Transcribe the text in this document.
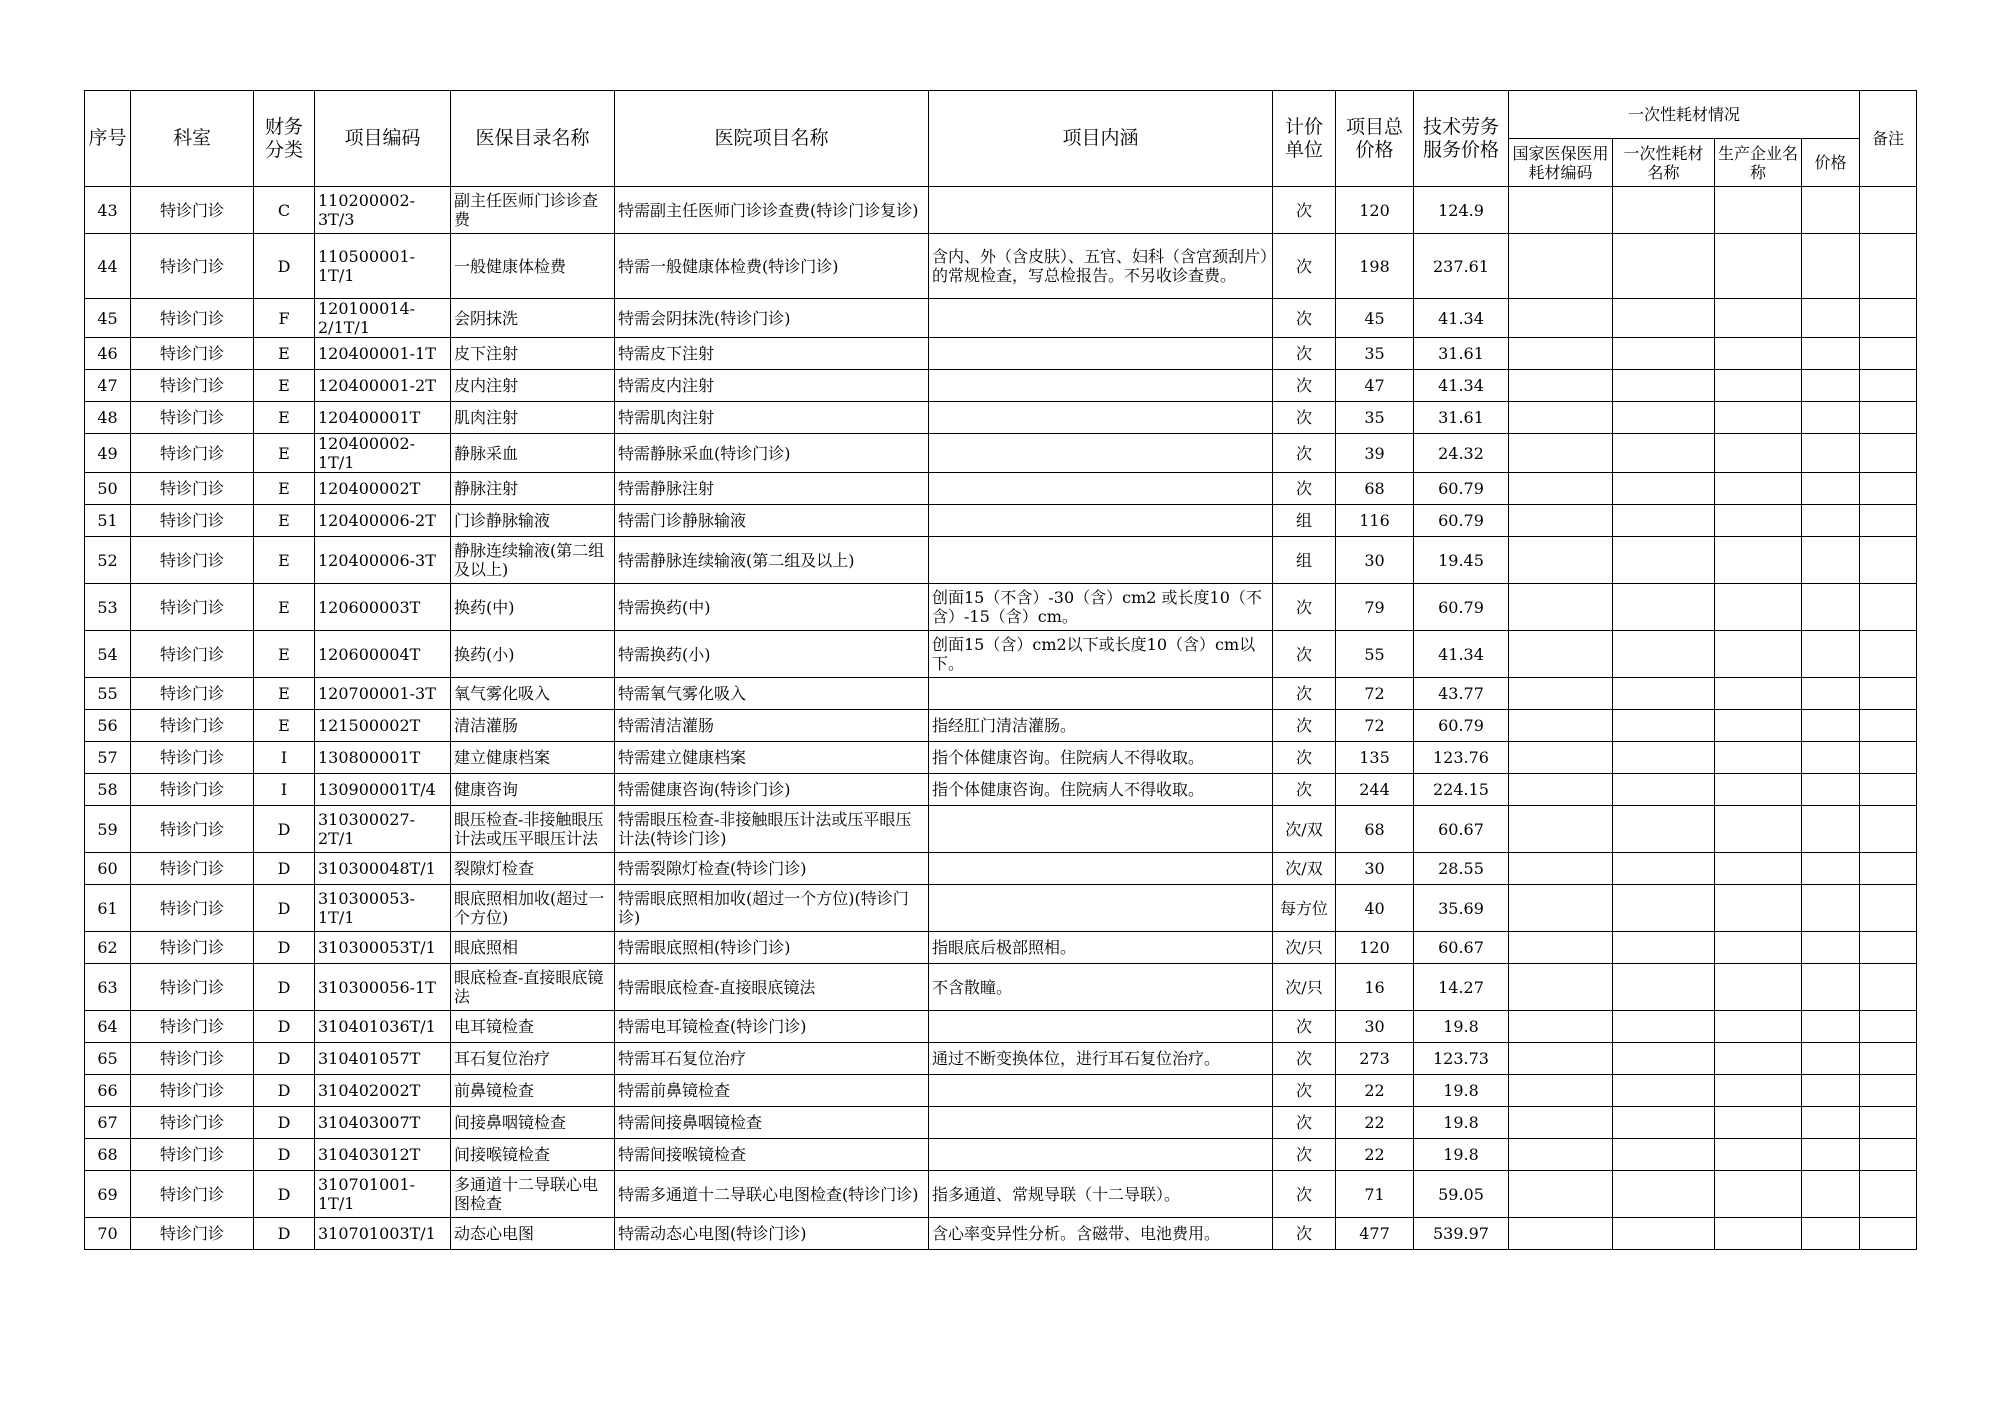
序号	科室	财务分类	项目编码	医保目录名称	医院项目名称	项目内涵	计价单位	项目总价格	技术劳务服务价格	一次性耗材情况				备注
										国家医保医用耗材编码	一次性耗材名称	生产企业名称	价格	
43	特诊门诊	C	110200002-3T/3	副主任医师门诊诊查费	特需副主任医师门诊诊查费(特诊门诊复诊)		次	120	124.9					
44	特诊门诊	D	110500001-1T/1	一般健康体检费	特需一般健康体检费(特诊门诊)	含内、外（含皮肤）、五官、妇科（含宫颈刮片）的常规检查，写总检报告。不另收诊查费。	次	198	237.61					
45	特诊门诊	F	120100014-2/1T/1	会阴抹洗	特需会阴抹洗(特诊门诊)		次	45	41.34					
46	特诊门诊	E	120400001-1T	皮下注射	特需皮下注射		次	35	31.61					
47	特诊门诊	E	120400001-2T	皮内注射	特需皮内注射		次	47	41.34					
48	特诊门诊	E	120400001T	肌肉注射	特需肌肉注射		次	35	31.61					
49	特诊门诊	E	120400002-1T/1	静脉采血	特需静脉采血(特诊门诊)		次	39	24.32					
50	特诊门诊	E	120400002T	静脉注射	特需静脉注射		次	68	60.79					
51	特诊门诊	E	120400006-2T	门诊静脉输液	特需门诊静脉输液		组	116	60.79					
52	特诊门诊	E	120400006-3T	静脉连续输液(第二组及以上)	特需静脉连续输液(第二组及以上)		组	30	19.45					
53	特诊门诊	E	120600003T	换药(中)	特需换药(中)	创面15（不含）-30（含）cm2 或长度10（不含）-15（含）cm。	次	79	60.79					
54	特诊门诊	E	120600004T	换药(小)	特需换药(小)	创面15（含）cm2以下或长度10（含）cm以下。	次	55	41.34					
55	特诊门诊	E	120700001-3T	氧气雾化吸入	特需氧气雾化吸入		次	72	43.77					
56	特诊门诊	E	121500002T	清洁灌肠	特需清洁灌肠	指经肛门清洁灌肠。	次	72	60.79					
57	特诊门诊	I	130800001T	建立健康档案	特需建立健康档案	指个体健康咨询。住院病人不得收取。	次	135	123.76					
58	特诊门诊	I	130900001T/4	健康咨询	特需健康咨询(特诊门诊)	指个体健康咨询。住院病人不得收取。	次	244	224.15					
59	特诊门诊	D	310300027-2T/1	眼压检查-非接触眼压计法或压平眼压计法	特需眼压检查-非接触眼压计法或压平眼压计法(特诊门诊)		次/双	68	60.67					
60	特诊门诊	D	310300048T/1	裂隙灯检查	特需裂隙灯检查(特诊门诊)		次/双	30	28.55					
61	特诊门诊	D	310300053-1T/1	眼底照相加收(超过一个方位)	特需眼底照相加收(超过一个方位)(特诊门诊)		每方位	40	35.69					
62	特诊门诊	D	310300053T/1	眼底照相	特需眼底照相(特诊门诊)	指眼底后极部照相。	次/只	120	60.67					
63	特诊门诊	D	310300056-1T	眼底检查-直接眼底镜法	特需眼底检查-直接眼底镜法	不含散瞳。	次/只	16	14.27					
64	特诊门诊	D	310401036T/1	电耳镜检查	特需电耳镜检查(特诊门诊)		次	30	19.8					
65	特诊门诊	D	310401057T	耳石复位治疗	特需耳石复位治疗	通过不断变换体位，进行耳石复位治疗。	次	273	123.73					
66	特诊门诊	D	310402002T	前鼻镜检查	特需前鼻镜检查		次	22	19.8					
67	特诊门诊	D	310403007T	间接鼻咽镜检查	特需间接鼻咽镜检查		次	22	19.8					
68	特诊门诊	D	310403012T	间接喉镜检查	特需间接喉镜检查		次	22	19.8					
69	特诊门诊	D	310701001-1T/1	多通道十二导联心电图检查	特需多通道十二导联心电图检查(特诊门诊)	指多通道、常规导联（十二导联）。	次	71	59.05					
70	特诊门诊	D	310701003T/1	动态心电图	特需动态心电图(特诊门诊)	含心率变异性分析。含磁带、电池费用。	次	477	539.97					
